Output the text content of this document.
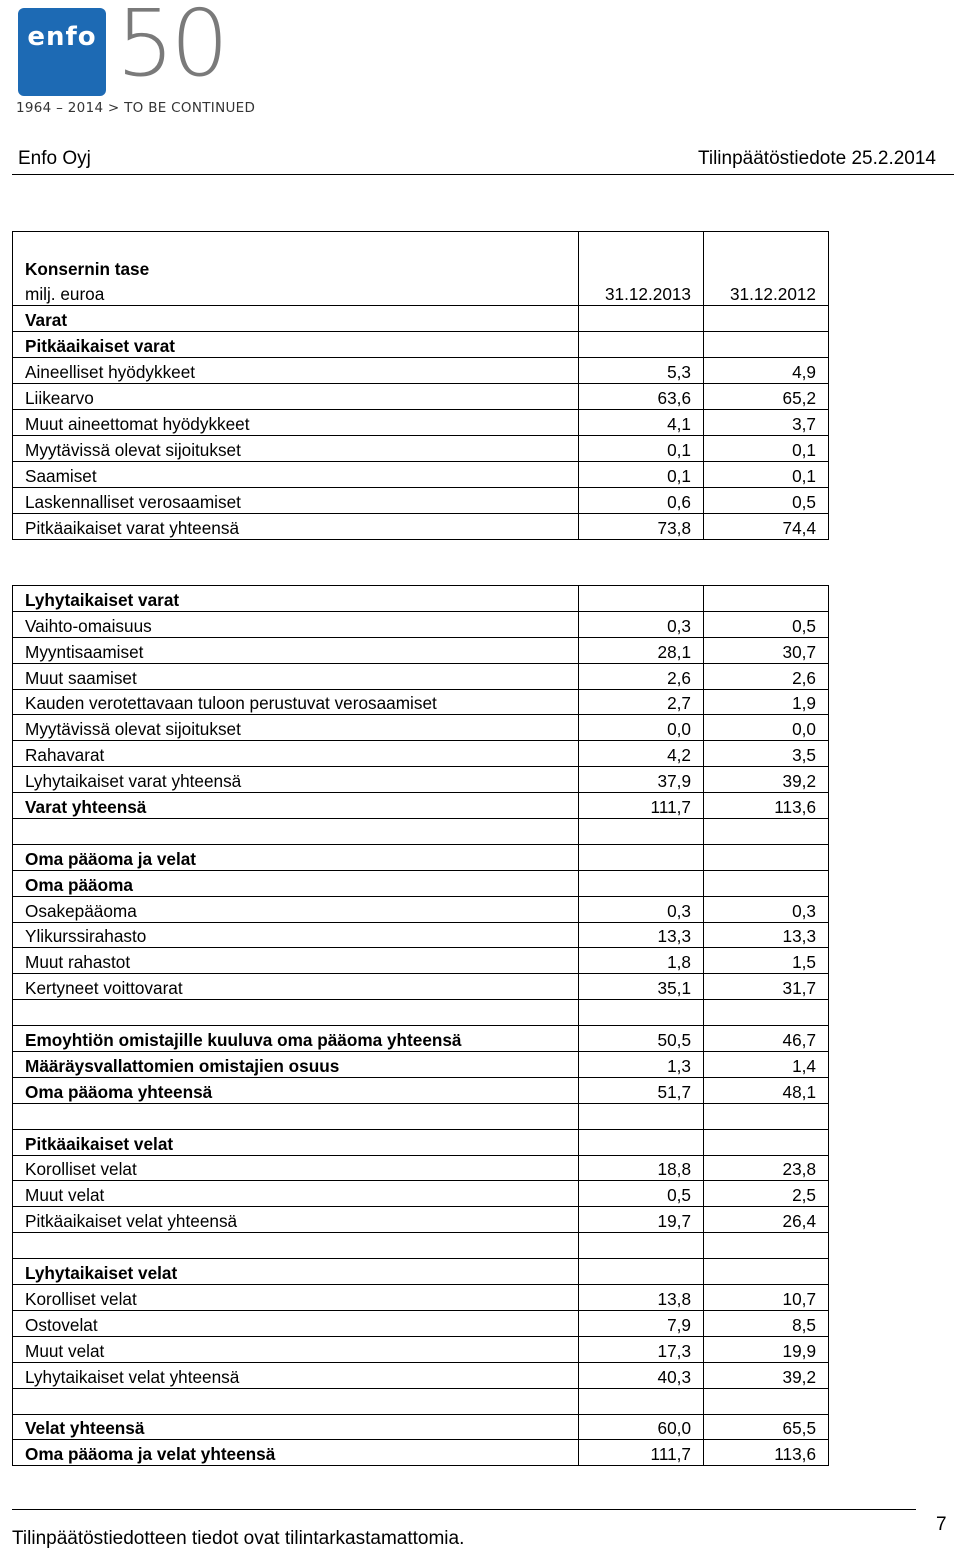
enfo 50
1964 – 2014 > TO BE CONTINUED
Enfo Oyj	Tilinpäätöstiedote 25.2.2014
Konsernin tase		
milj. euroa	31.12.2013	31.12.2012
Varat		
Pitkäaikaiset varat		
Aineelliset hyödykkeet	5,3	4,9
Liikearvo	63,6	65,2
Muut aineettomat hyödykkeet	4,1	3,7
Myytävissä olevat sijoitukset	0,1	0,1
Saamiset	0,1	0,1
Laskennalliset verosaamiset	0,6	0,5
Pitkäaikaiset varat yhteensä	73,8	74,4

Lyhytaikaiset varat		
Vaihto-omaisuus	0,3	0,5
Myyntisaamiset	28,1	30,7
Muut saamiset	2,6	2,6
Kauden verotettavaan tuloon perustuvat verosaamiset	2,7	1,9
Myytävissä olevat sijoitukset	0,0	0,0
Rahavarat	4,2	3,5
Lyhytaikaiset varat yhteensä	37,9	39,2
Varat yhteensä	111,7	113,6

Oma pääoma ja velat		
Oma pääoma		
Osakepääoma	0,3	0,3
Ylikurssirahasto	13,3	13,3
Muut rahastot	1,8	1,5
Kertyneet voittovarat	35,1	31,7

Emoyhtiön omistajille kuuluva oma pääoma yhteensä	50,5	46,7
Määräysvallattomien omistajien osuus	1,3	1,4
Oma pääoma yhteensä	51,7	48,1

Pitkäaikaiset velat		
Korolliset velat	18,8	23,8
Muut velat	0,5	2,5
Pitkäaikaiset velat yhteensä	19,7	26,4

Lyhytaikaiset velat		
Korolliset velat	13,8	10,7
Ostovelat	7,9	8,5
Muut velat	17,3	19,9
Lyhytaikaiset velat yhteensä	40,3	39,2

Velat yhteensä	60,0	65,5
Oma pääoma ja velat yhteensä	111,7	113,6
Tilinpäätöstiedotteen tiedot ovat tilintarkastamattomia.
7
